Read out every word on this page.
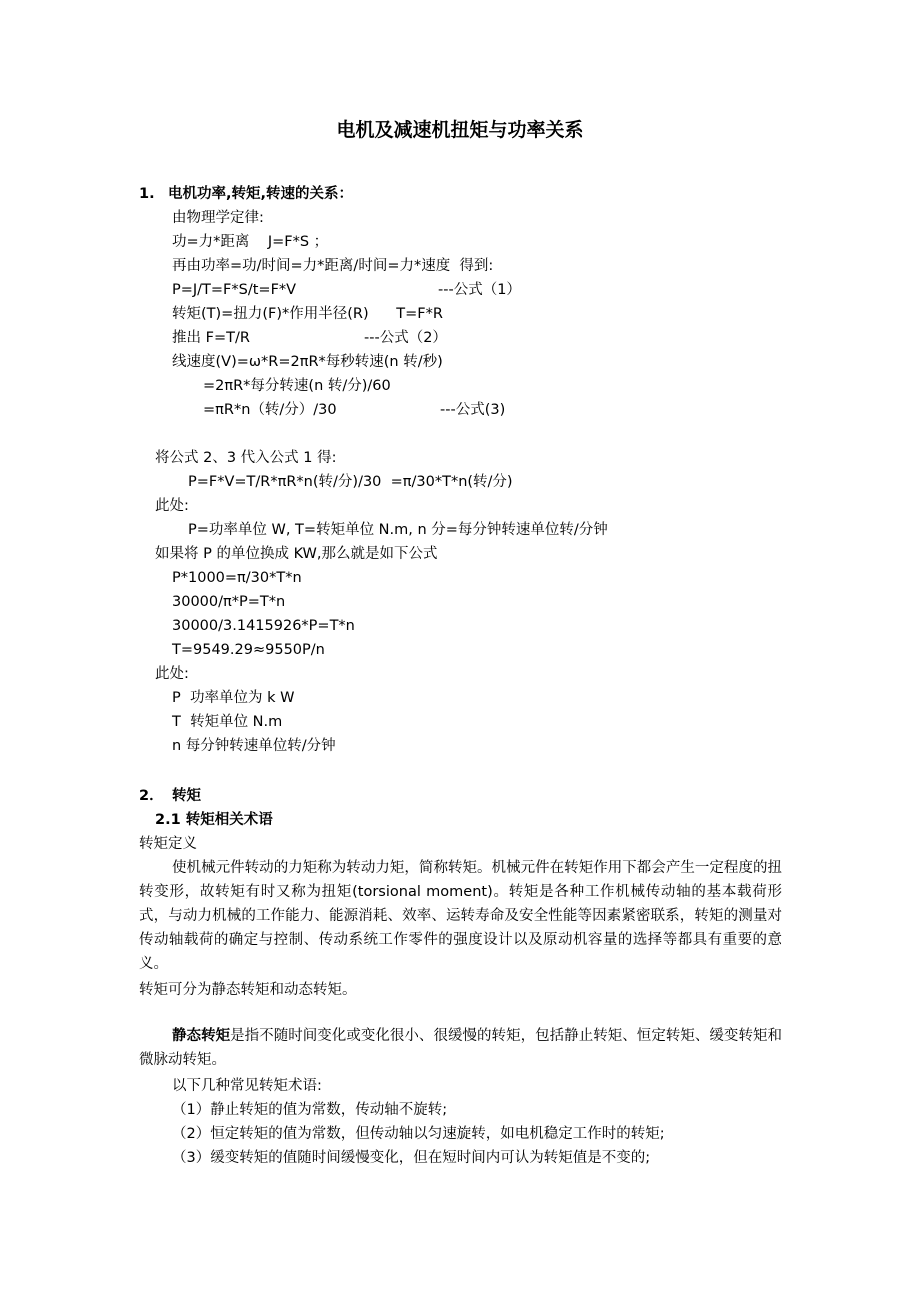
电机及减速机扭矩与功率关系
1. 电机功率,转矩,转速的关系：
由物理学定律:
功=力*距离    J=F*S ；
再由功率=功/时间=力*距离/时间=力*速度  得到:
P=J/T=F*S/t=F*V	---公式（1）
转矩(T)=扭力(F)*作用半径(R)      T=F*R
推出 F=T/R	---公式（2）
线速度(V)=ω*R=2πR*每秒转速(n 转/秒)
=2πR*每分转速(n 转/分)/60
=πR*n（转/分）/30	---公式(3)
将公式 2、3 代入公式 1 得:
P=F*V=T/R*πR*n(转/分)/30  =π/30*T*n(转/分)
此处:
P=功率单位 W, T=转矩单位 N.m, n 分=每分钟转速单位转/分钟
如果将 P 的单位换成 KW,那么就是如下公式
P*1000=π/30*T*n
30000/π*P=T*n
30000/3.1415926*P=T*n
T=9549.29≈9550P/n
此处:
P  功率单位为 k W
T  转矩单位 N.m
n 每分钟转速单位转/分钟
2． 转矩
2.1 转矩相关术语
转矩定义
使机械元件转动的力矩称为转动力矩，简称转矩。机械元件在转矩作用下都会产生一定程度的扭转变形，故转矩有时又称为扭矩(torsional moment)。转矩是各种工作机械传动轴的基本载荷形式，与动力机械的工作能力、能源消耗、效率、运转寿命及安全性能等因素紧密联系，转矩的测量对传动轴载荷的确定与控制、传动系统工作零件的强度设计以及原动机容量的选择等都具有重要的意义。
转矩可分为静态转矩和动态转矩。
静态转矩是指不随时间变化或变化很小、很缓慢的转矩，包括静止转矩、恒定转矩、缓变转矩和微脉动转矩。
以下几种常见转矩术语:
（1）静止转矩的值为常数，传动轴不旋转;
（2）恒定转矩的值为常数，但传动轴以匀速旋转，如电机稳定工作时的转矩;
（3）缓变转矩的值随时间缓慢变化，但在短时间内可认为转矩值是不变的;
